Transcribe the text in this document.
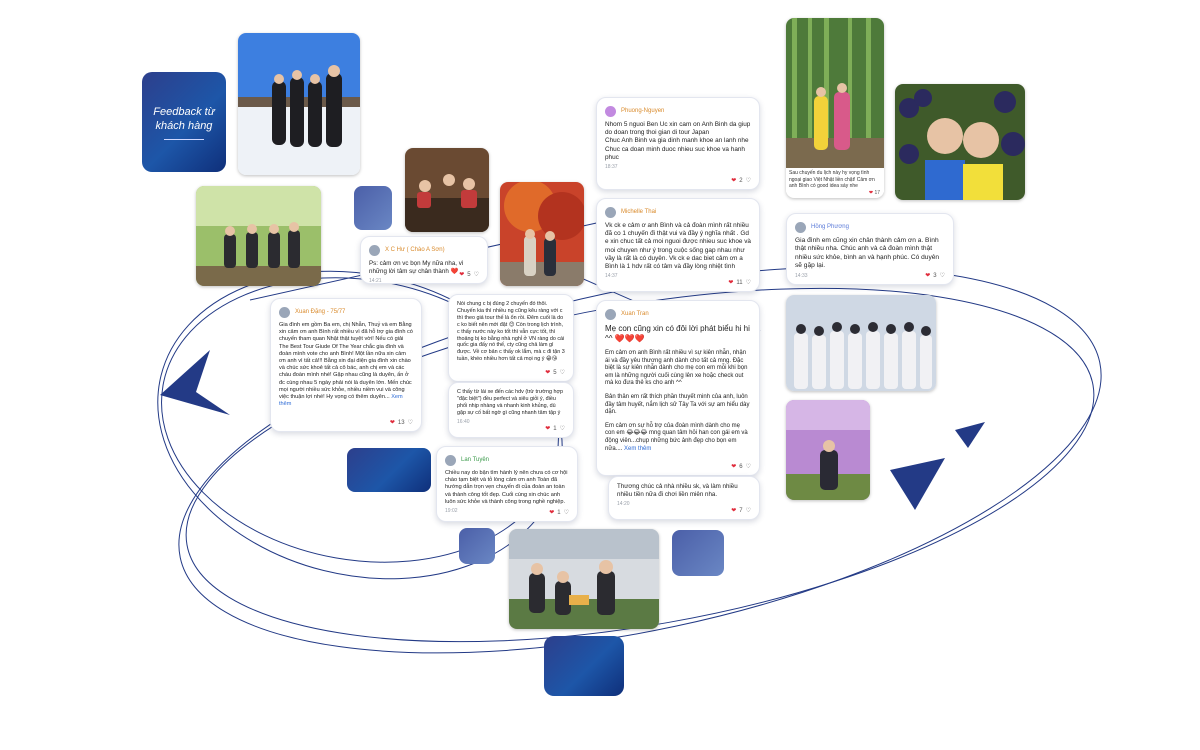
Feedback từ khách hàng
Sau chuyến du lịch này hy vọng tình ngoại giao Việt Nhật liền chặt! Cảm ơn anh Bình có good idea sáy nhe
❤ 17
X C Hư ( Chào A Sơn)
Ps: cảm ơn vc bọn My nữa nha, vì những lời tâm sự chân thành ❤️
14:21
❤ 5 ♡
Xuan Đặng - 75/77
Gia đình em gồm Ba em, chị Nhẫn, Thuỷ và em Bằng xin cảm ơn anh Bình rất nhiều vì đã hỗ trợ gia đình có chuyến tham quan Nhật thật tuyệt vời! Nếu có giải The Best Tour Giude Of The Year chắc gia đình và đoàn mình vote cho anh Bình! Một lần nữa xin cảm ơn anh vì tất cả!!! Bằng xin đại diện gia đình xin chào và chúc sức khoẻ tất cả cô bác, anh chị em và các cháu đoàn mình nhé! Gặp nhau cũng là duyên, ấn ở đc cùng nhau 5 ngày phải nói là duyên lớn. Mến chúc mọi người nhiều sức khỏe, nhiều niềm vui và công việc thuận lợi nhé! Hy vọng có thêm duyên... Xem thêm
❤ 13 ♡
Nói chung c bị đúng 2 chuyến đó thôi. Chuyến kia thì nhiều ng cũng kêu ràng với c thì theo giá tour thế là ổn rồi. Đêm cuối là do c ko biết nên mới đặt 😊 Còn trong lịch trình, c thấy nước này ko tốt thì vẫn cực tốt, thì thoảng bị ko bằng nhà nghỉ ở VN ràng do cái quốc gia đấy nó thế, cty cũng chả làm gì được. Về cơ bản c thấy ok lắm, mà c đi tận 3 tuần, khéo nhiều hơn tất cả mọi ng ý 😁😘
❤ 5 ♡
C thấy từ lái xe đến các hdv (trừ trường hợp "đặc biệt") đều perfect và siêu giỏi ý, điều phối nhịp nhàng và nhanh kinh khủng, dù gặp sự cố bất ngờ gì cũng nhanh tâm tập ý
16:40
❤ 1 ♡
Lan Tuyên
Chiều nay do bận tìm hành lý nên chưa có cơ hội chào tạm biệt và tỏ lòng cảm ơn anh Toàn đã hướng dẫn trọn vẹn chuyến đi của đoàn an toàn và thành công tốt đẹp. Cuối cùng xin chúc anh luôn sức khỏe và thành công trong nghề nghiệp.
19:02	❤ 1 ♡
Phuong-Nguyen
Nhom 5 nguoi Ben Uc xin cam on Anh Binh da giup do doan trong thoi gian di tour Japan
Chuc Anh Binh va gia dinh manh khoe an lanh nhe
Chuc ca doan minh duoc nhieu suc khoe va hanh phuc
18:37
❤ 2 ♡
Michelle Thai
Vk ck e cảm ơ anh Bình và cả đoàn mình rất nhiều đã co 1 chuyến đi thật vui và đầy ý nghĩa nhất . Gd e xin chuc tất cả moi nguoi được nhieu suc khoe và moi chuyen như ý trong cuộc sống gap nhau như vầy là rất là có duyên. Vk ck e dac biet cảm ơn a Bình là 1 hdv rất có tâm và đầy lòng nhiệt tình
14:37
❤ 11 ♡
Xuan Tran
Mẹ con cũng xin có đôi lời phát biểu hi hi ^^ ❤️❤️❤️
Em cảm ơn anh Bình rất nhiều vì sự kiên nhẫn, nhận ái và đầy yêu thương anh dành cho tất cả mng. Đặc biệt là sự kiên nhẫn dành cho mẹ con em mỗi khi bọn em là những người cuối cùng lên xe hoặc check out mà ko đưa thẻ ks cho anh ^^
Bản thân em rất thích phần thuyết minh của anh, luôn đầy tâm huyết, nắm lịch sử Tây Ta với sự am hiểu dày dặn.
Em cảm ơn sự hỗ trợ của đoàn mình dành cho mẹ con em 😂😂😂 mng quan tâm hỏi han con gái em và động viên...chụp những bức ảnh đẹp cho bọn em nữa.... Xem thêm
❤ 6 ♡
Thương chúc cả nhà nhiều sk, và làm nhiều nhiều tiền nữa đi chơi liền miên nha.
14:20
❤ 7 ♡
Hồng Phương
Gia đình em cũng xin chân thành cảm ơn a. Bình thật nhiều nha. Chúc anh và cả đoàn mình thật nhiều sức khỏe, bình an và hạnh phúc. Có duyên sẽ gặp lại.
14:33	❤ 3 ♡
